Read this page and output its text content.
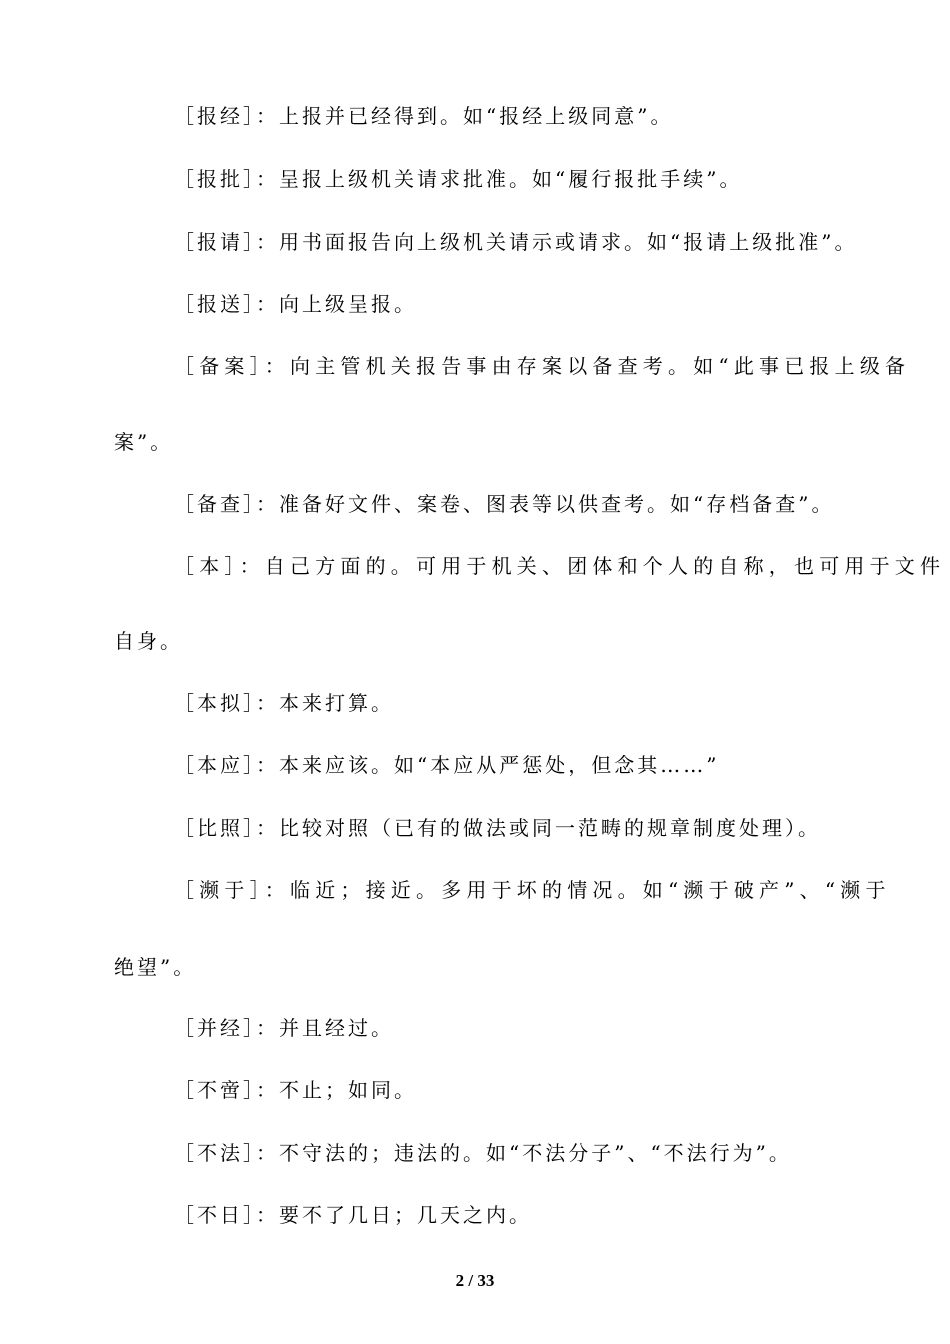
［报经］：上报并已经得到。如“报经上级同意”。
［报批］：呈报上级机关请求批准。如“履行报批手续”。
［报请］：用书面报告向上级机关请示或请求。如“报请上级批准”。
［报送］：向上级呈报。
［备案］：向主管机关报告事由存案以备查考。如“此事已报上级备
案”。
［备查］：准备好文件、案卷、图表等以供查考。如“存档备查”。
［本］：自己方面的。可用于机关、团体和个人的自称，也可用于文件
自身。
［本拟］：本来打算。
［本应］：本来应该。如“本应从严惩处，但念其……”
［比照］：比较对照（已有的做法或同一范畴的规章制度处理）。
［濒于］：临近；接近。多用于坏的情况。如“濒于破产”、“濒于
绝望”。
［并经］：并且经过。
［不啻］：不止；如同。
［不法］：不守法的；违法的。如“不法分子”、“不法行为”。
［不日］：要不了几日；几天之内。
2 / 33
